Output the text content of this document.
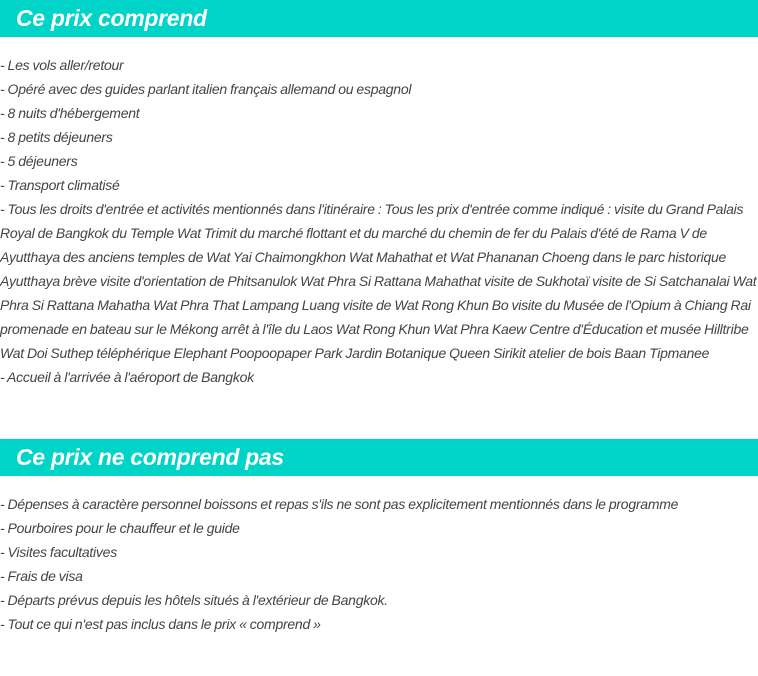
Ce prix comprend
- Les vols aller/retour
- Opéré avec des guides parlant italien français allemand ou espagnol
- 8 nuits d'hébergement
- 8 petits déjeuners
- 5 déjeuners
- Transport climatisé
- Tous les droits d'entrée et activités mentionnés dans l'itinéraire : Tous les prix d'entrée comme indiqué : visite du Grand Palais Royal de Bangkok du Temple Wat Trimit du marché flottant et du marché du chemin de fer du Palais d'été de Rama V de Ayutthaya des anciens temples de Wat Yai Chaimongkhon Wat Mahathat et Wat Phananan Choeng dans le parc historique Ayutthaya brève visite d'orientation de Phitsanulok Wat Phra Si Rattana Mahathat visite de Sukhotaï visite de Si Satchanalai Wat Phra Si Rattana Mahatha Wat Phra That Lampang Luang visite de Wat Rong Khun Bo visite du Musée de l'Opium à Chiang Rai promenade en bateau sur le Mékong arrêt à l'île du Laos Wat Rong Khun Wat Phra Kaew Centre d'Éducation et musée Hilltribe Wat Doi Suthep téléphérique Elephant Poopoopaper Park Jardin Botanique Queen Sirikit atelier de bois Baan Tipmanee
- Accueil à l'arrivée à l'aéroport de Bangkok
Ce prix ne comprend pas
- Dépenses à caractère personnel boissons et repas s'ils ne sont pas explicitement mentionnés dans le programme
- Pourboires pour le chauffeur et le guide
- Visites facultatives
- Frais de visa
- Départs prévus depuis les hôtels situés à l'extérieur de Bangkok.
- Tout ce qui n'est pas inclus dans le prix « comprend »
